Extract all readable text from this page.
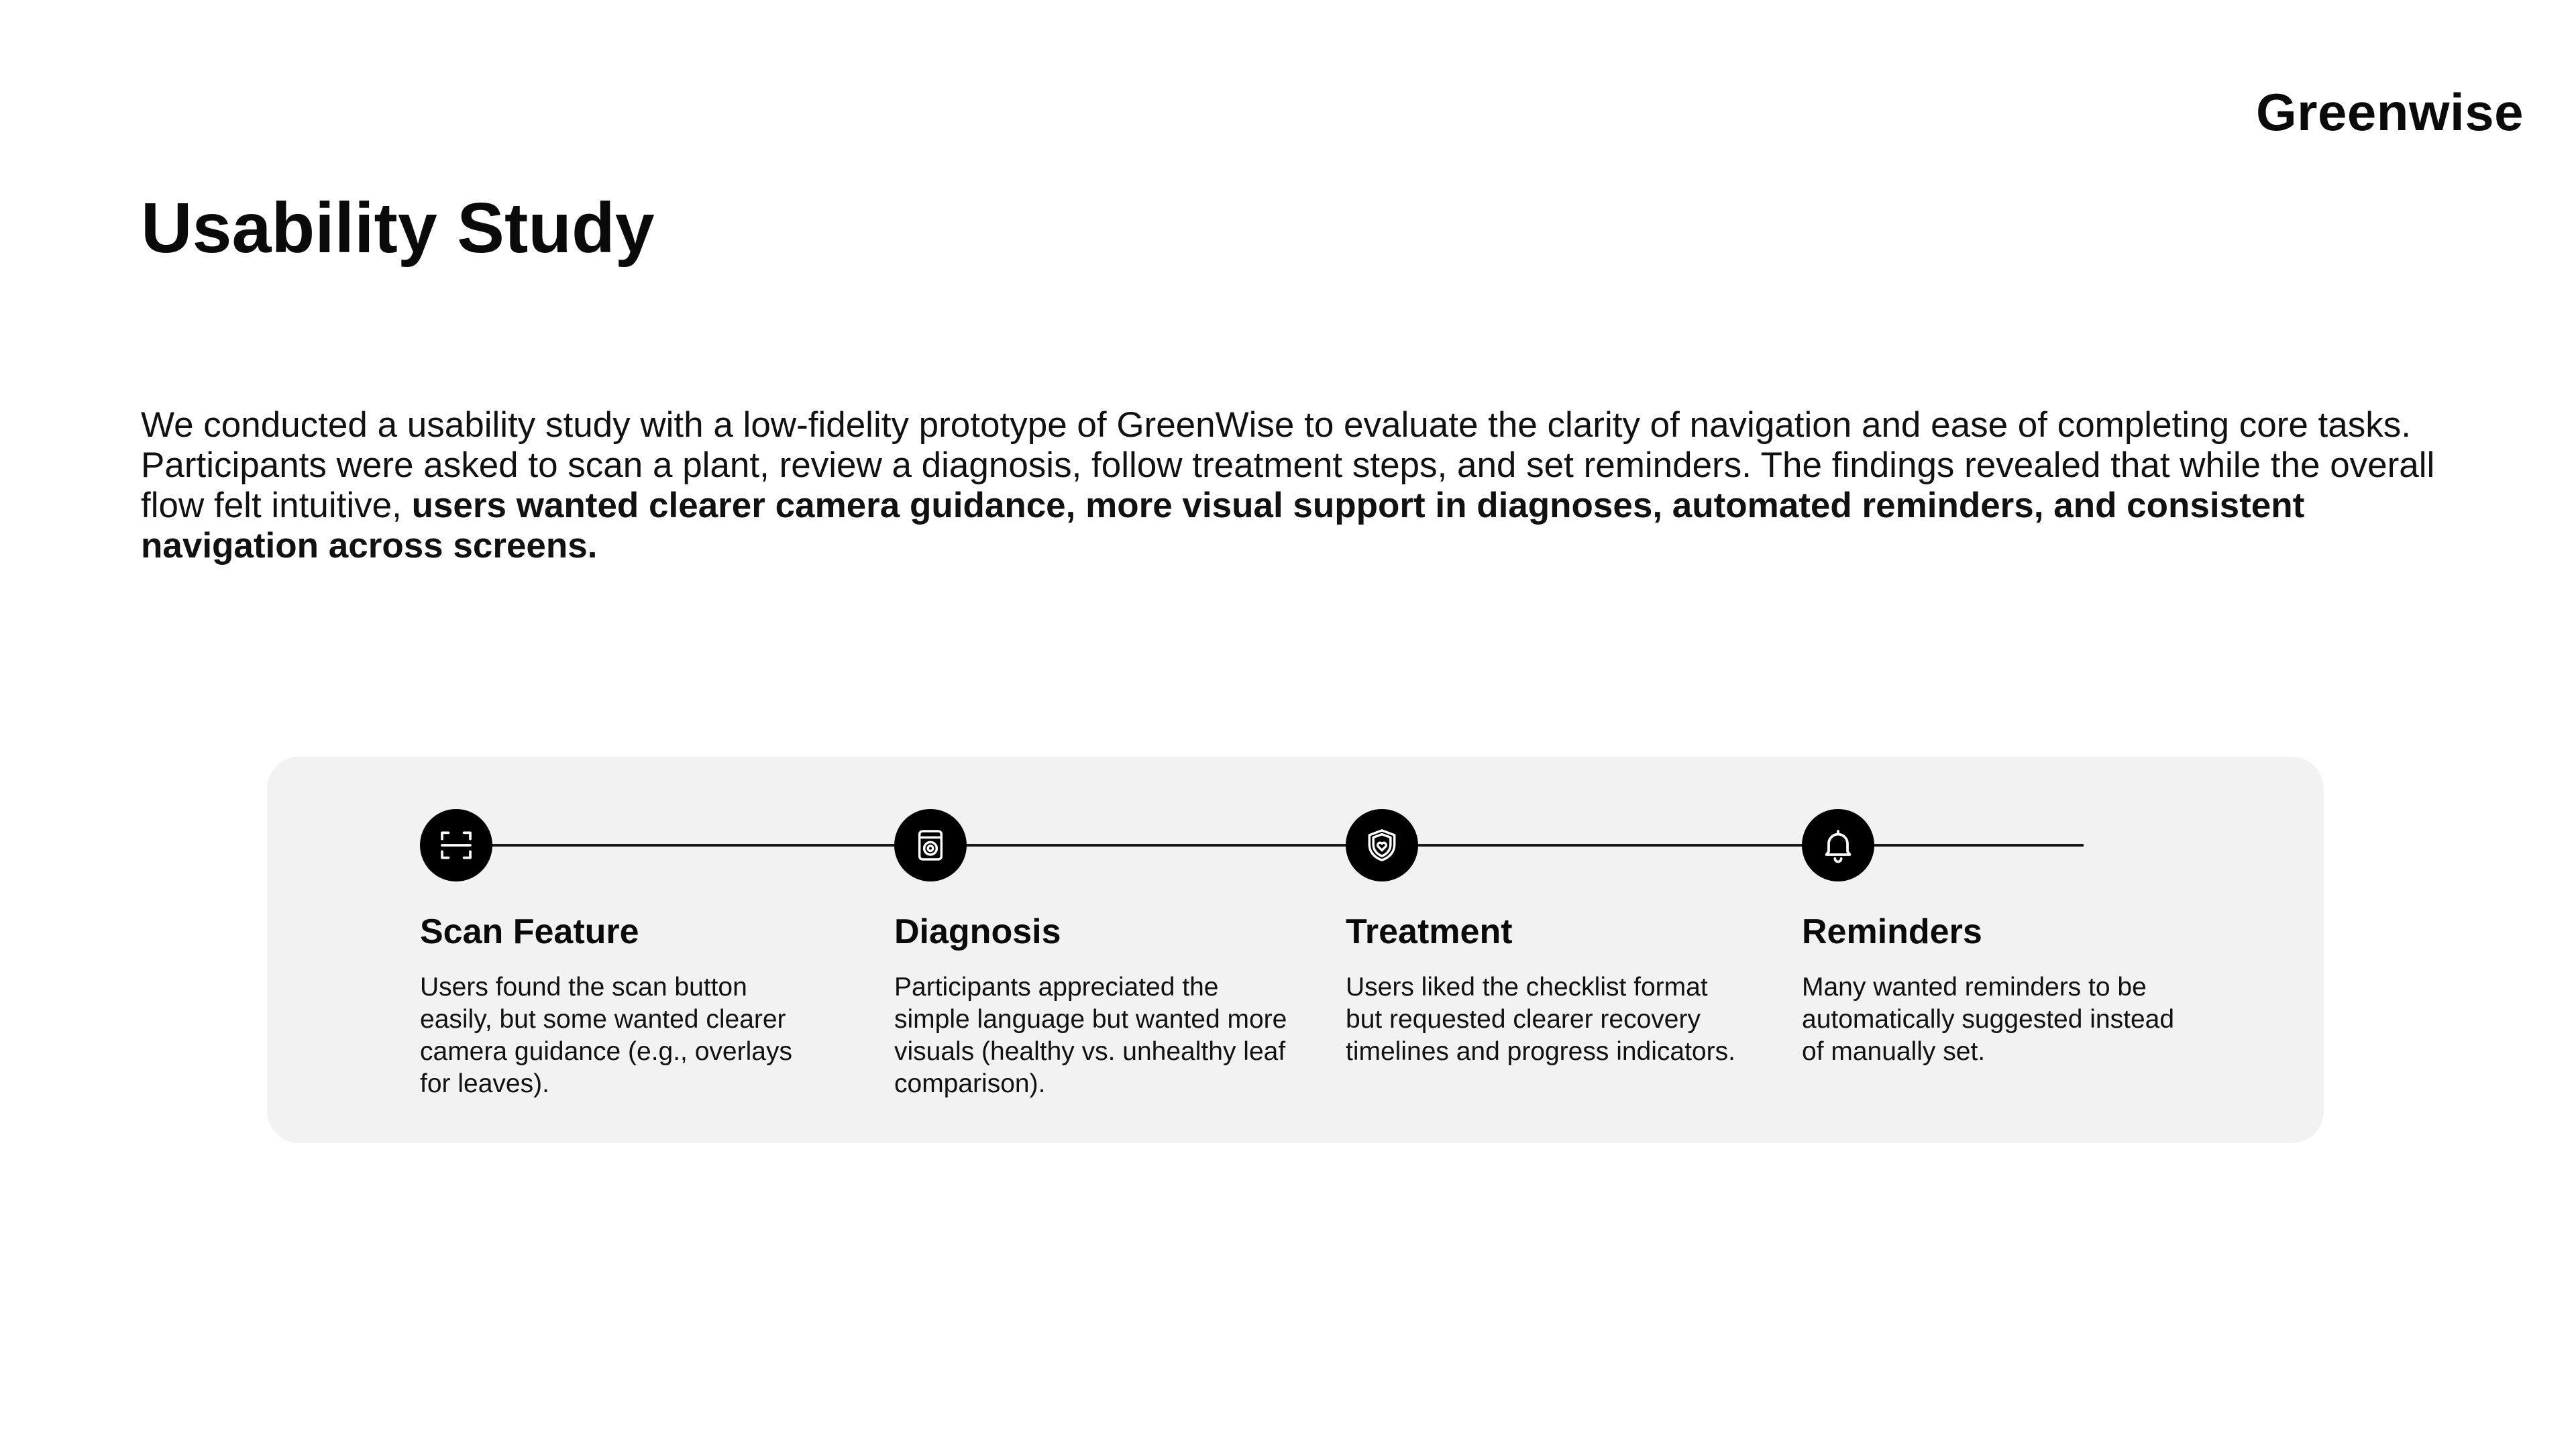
Greenwise
Usability Study

We conducted a usability study with a low-fidelity prototype of GreenWise to evaluate the clarity of navigation and ease of completing core tasks. Participants were asked to scan a plant, review a diagnosis, follow treatment steps, and set reminders. The findings revealed that while the overall flow felt intuitive, users wanted clearer camera guidance, more visual support in diagnoses, automated reminders, and consistent navigation across screens.

Scan Feature
Users found the scan button easily, but some wanted clearer camera guidance (e.g., overlays for leaves).
Diagnosis
Participants appreciated the simple language but wanted more visuals (healthy vs. unhealthy leaf comparison).
Treatment
Users liked the checklist format but requested clearer recovery timelines and progress indicators.
Reminders
Many wanted reminders to be automatically suggested instead of manually set.
